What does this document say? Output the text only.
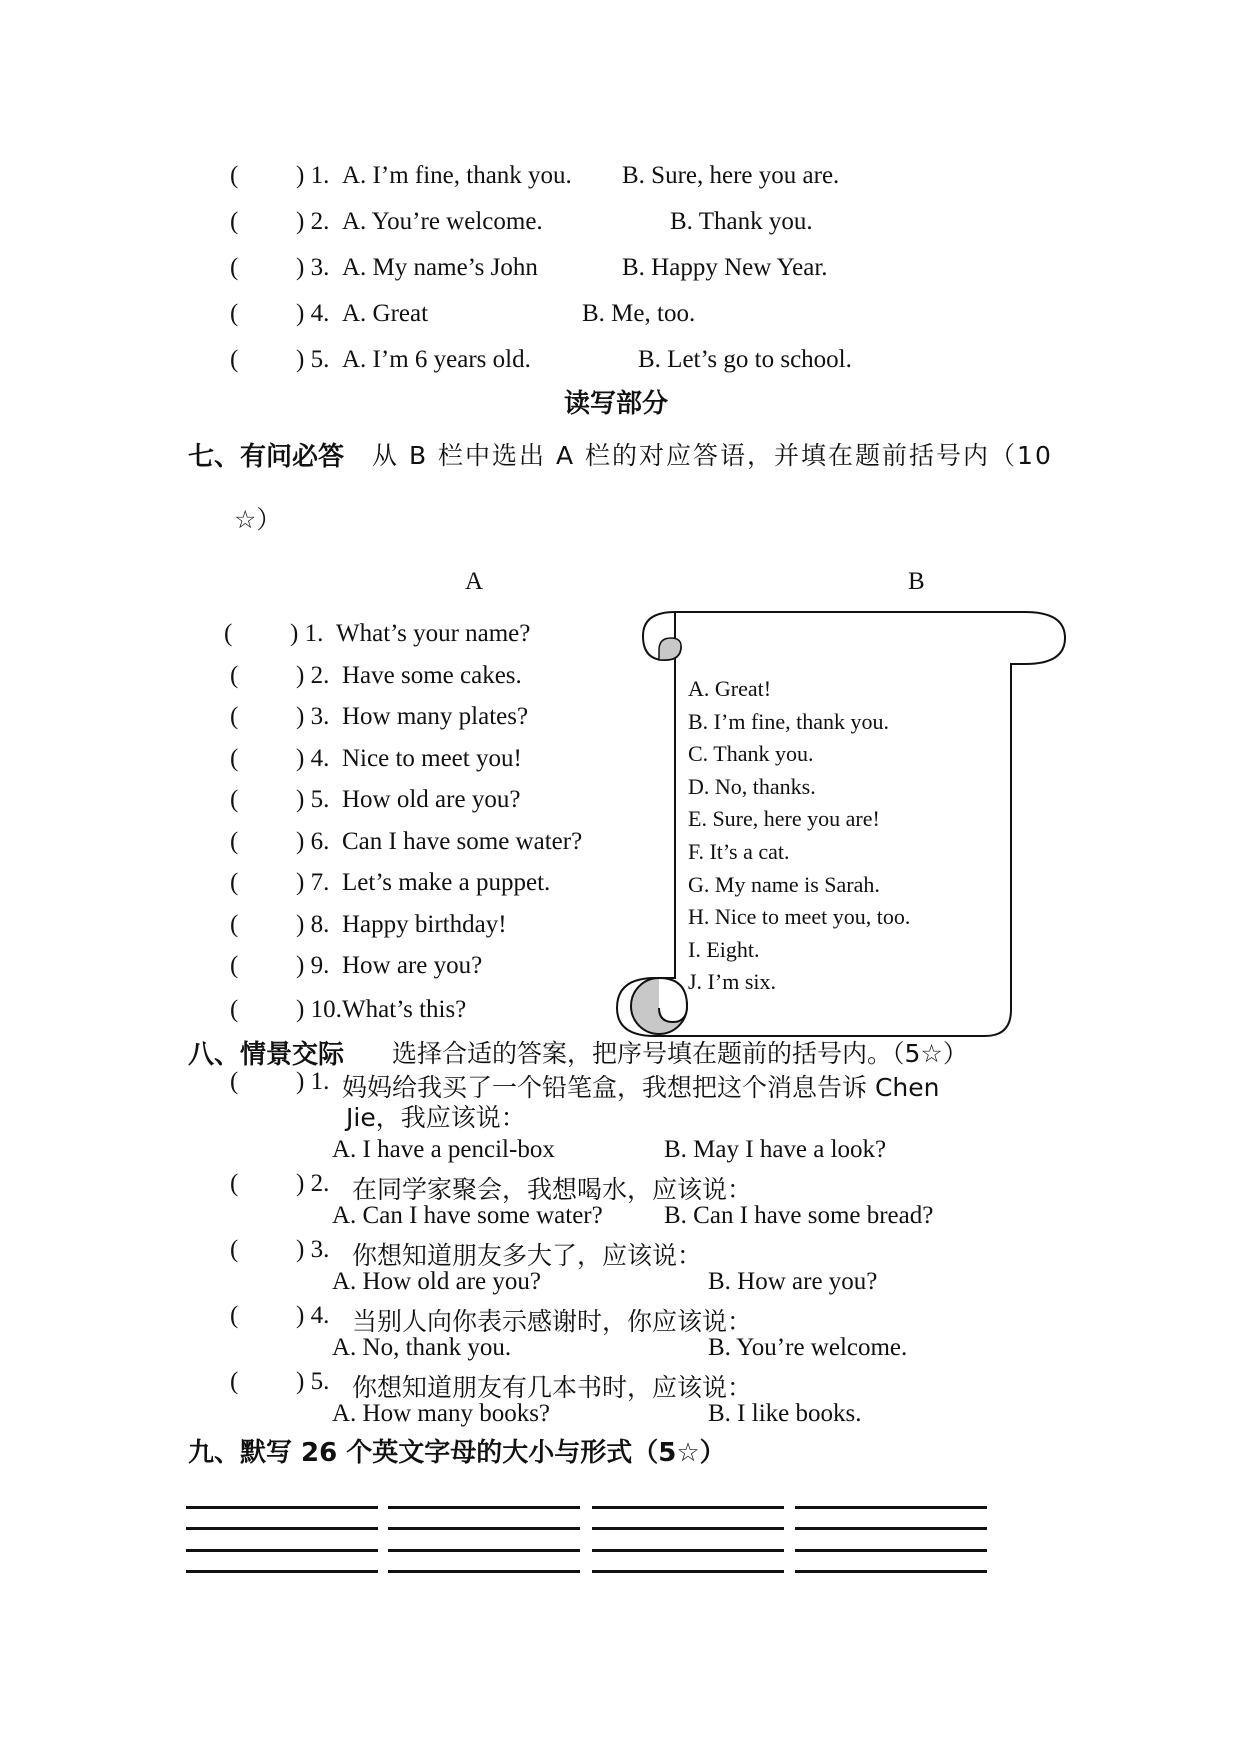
( ) 1. A. I’m fine, thank you. B. Sure, here you are.
( ) 2. A. You’re welcome.	B. Thank you.
( ) 3. A. My name’s John	B. Happy New Year.
( ) 4. A. Great	B. Me, too.
( ) 5. A. I’m 6 years old.	B. Let’s go to school.
读写部分
七、有问必答 从 B 栏中选出 A 栏的对应答语，并填在题前括号内（10
☆）
A	B
( ) 1. What’s your name?
( ) 2. Have some cakes.
( ) 3. How many plates?
( ) 4. Nice to meet you!
( ) 5. How old are you?
( ) 6. Can I have some water?
( ) 7. Let’s make a puppet.
( ) 8. Happy birthday!
( ) 9. How are you?
( ) 10. What’s this?
A. Great!
B. I’m fine, thank you.
C. Thank you.
D. No, thanks.
E. Sure, here you are!
F. It’s a cat.
G. My name is Sarah.
H. Nice to meet you, too.
I. Eight.
J. I’m six.
八、情景交际 选择合适的答案，把序号填在题前的括号内。（5☆）
( ) 1. 妈妈给我买了一个铅笔盒，我想把这个消息告诉 Chen
Jie，我应该说：
A. I have a pencil-box	B. May I have a look?
( ) 2. 在同学家聚会，我想喝水，应该说：
A. Can I have some water? B. Can I have some bread?
( ) 3. 你想知道朋友多大了，应该说：
A. How old are you?	B. How are you?
( ) 4. 当别人向你表示感谢时，你应该说：
A. No, thank you.	B. You’re welcome.
( ) 5. 你想知道朋友有几本书时，应该说：
A. How many books?	B. I like books.
九、默写 26 个英文字母的大小与形式（5☆）
